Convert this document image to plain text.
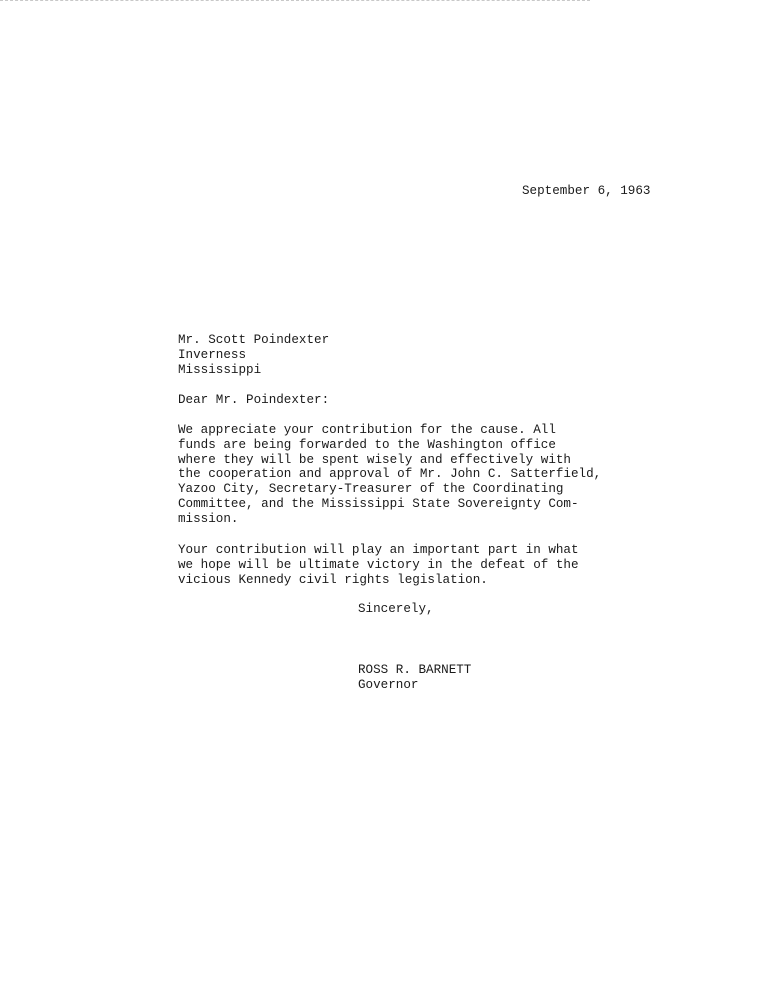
September 6, 1963
Mr. Scott Poindexter
Inverness
Mississippi
Dear Mr. Poindexter:
We appreciate your contribution for the cause. All
funds are being forwarded to the Washington office
where they will be spent wisely and effectively with
the cooperation and approval of Mr. John C. Satterfield,
Yazoo City, Secretary-Treasurer of the Coordinating
Committee, and the Mississippi State Sovereignty Com-
mission.
Your contribution will play an important part in what
we hope will be ultimate victory in the defeat of the
vicious Kennedy civil rights legislation.
Sincerely,
ROSS R. BARNETT
Governor
